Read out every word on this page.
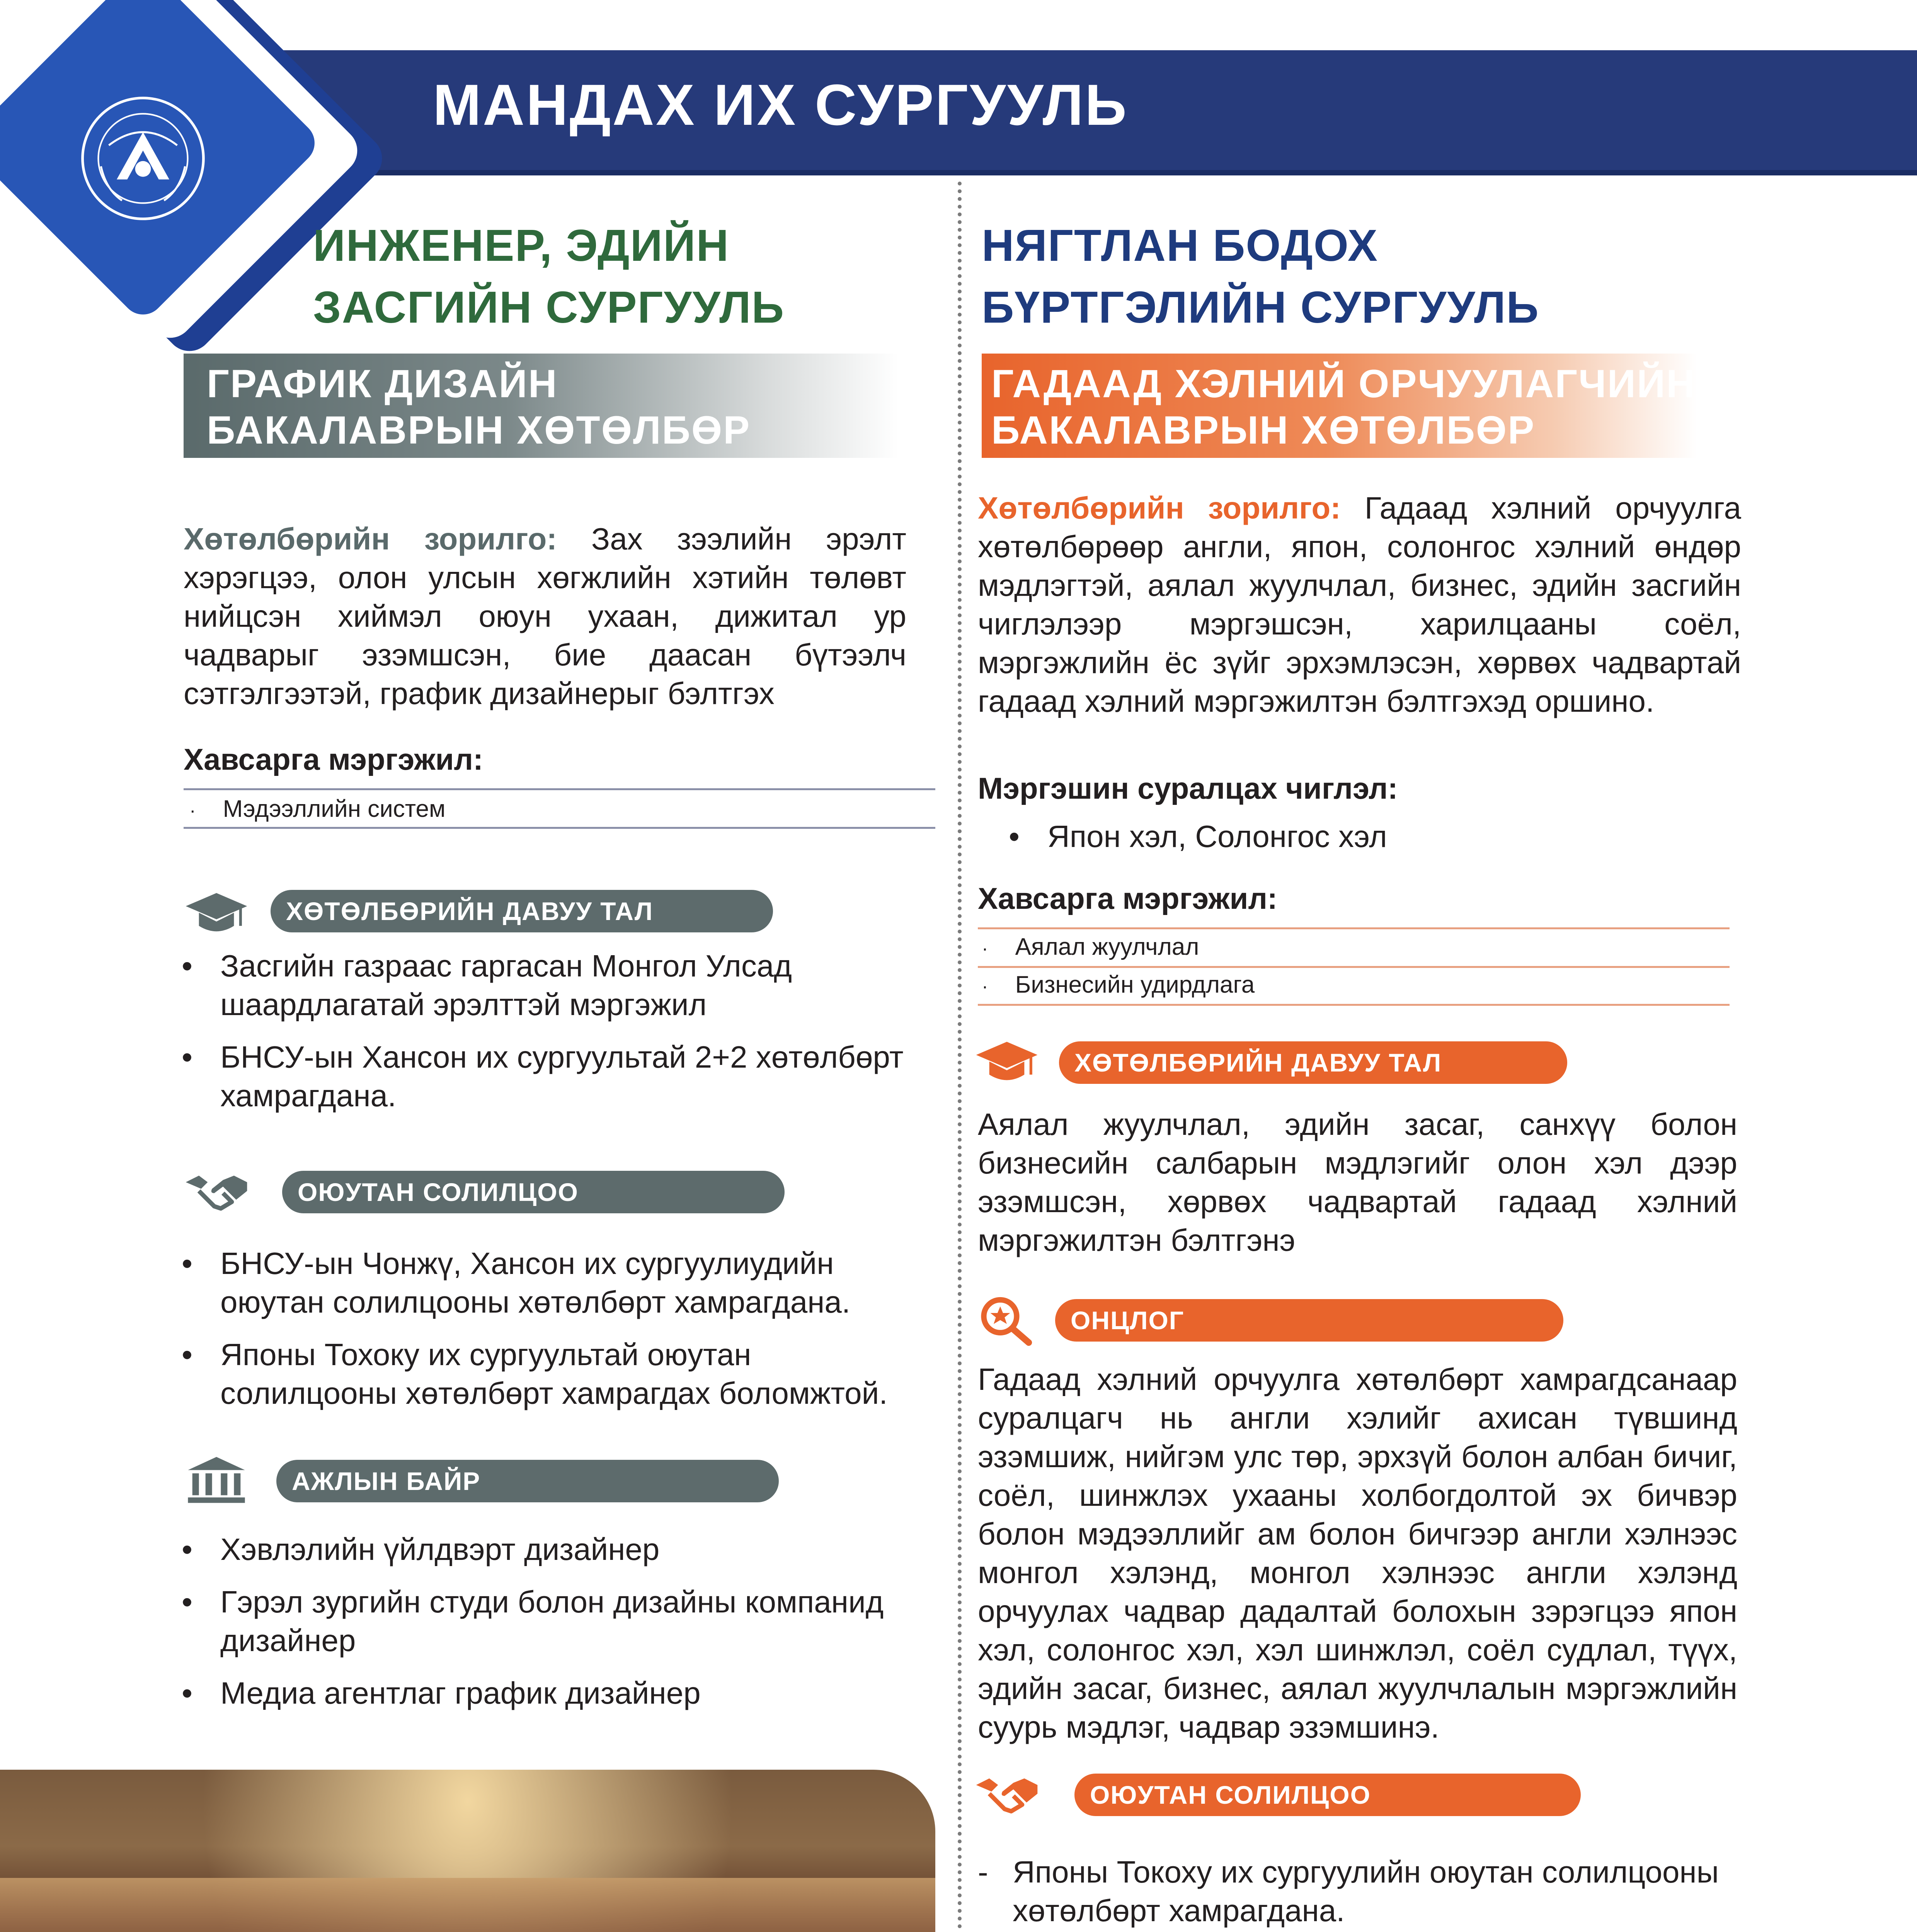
МАНДАХ ИХ СУРГУУЛЬ
ИНЖЕНЕР, ЭДИЙН
ЗАСГИЙН СУРГУУЛЬ
ГРАФИК ДИЗАЙН
БАКАЛАВРЫН ХӨТӨЛБӨР
Хөтөлбөрийн зорилго: Зах зээлийн эрэлт хэрэгцээ, олон улсын хөгжлийн хэтийн төлөвт нийцсэн хиймэл оюун ухаан, дижитал ур чадварыг эзэмшсэн, бие даасан бүтээлч сэтгэлгээтэй, график дизайнерыг бэлтгэх
Хавсарга мэргэжил:
· Мэдээллийн систем
ХӨТӨЛБӨРИЙН ДАВУУ ТАЛ
• Засгийн газраас гаргасан Монгол Улсад шаардлагатай эрэлттэй мэргэжил
• БНСУ-ын Хансон их сургуультай 2+2 хөтөлбөрт хамрагдана.
ОЮУТАН СОЛИЛЦОО
• БНСУ-ын Чонжү, Хансон их сургуулиудийн оюутан солилцооны хөтөлбөрт хамрагдана.
• Японы Тохоку их сургуультай оюутан солилцооны хөтөлбөрт хамрагдах боломжтой.
АЖЛЫН БАЙР
• Хэвлэлийн үйлдвэрт дизайнер
• Гэрэл зургийн студи болон дизайны компанид дизайнер
• Медиа агентлаг график дизайнер
НЯГТЛАН БОДОХ
БҮРТГЭЛИЙН СУРГУУЛЬ
ГАДААД ХЭЛНИЙ ОРЧУУЛАГЧИЙН
БАКАЛАВРЫН ХӨТӨЛБӨР
Хөтөлбөрийн зорилго: Гадаад хэлний орчуулга хөтөлбөрөөр англи, япон, солонгос хэлний өндөр мэдлэгтэй, аялал жуулчлал, бизнес, эдийн засгийн чиглэлээр мэргэшсэн, харилцааны соёл, мэргэжлийн ёс зүйг эрхэмлэсэн, хөрвөх чадвартай гадаад хэлний мэргэжилтэн бэлтгэхэд оршино.
Мэргэшин суралцах чиглэл:
• Япон хэл, Солонгос хэл
Хавсарга мэргэжил:
· Аялал жуулчлал
· Бизнесийн удирдлага
ХӨТӨЛБӨРИЙН ДАВУУ ТАЛ
Аялал жуулчлал, эдийн засаг, санхүү болон бизнесийн салбарын мэдлэгийг олон хэл дээр эзэмшсэн, хөрвөх чадвартай гадаад хэлний мэргэжилтэн бэлтгэнэ
ОНЦЛОГ
Гадаад хэлний орчуулга хөтөлбөрт хамрагдсанаар суралцагч нь англи хэлийг ахисан түвшинд эзэмшиж, нийгэм улс төр, эрхзүй болон албан бичиг, соёл, шинжлэх ухааны холбогдолтой эх бичвэр болон мэдээллийг ам болон бичгээр англи хэлнээс монгол хэлэнд, монгол хэлнээс англи хэлэнд орчуулах чадвар дадалтай болохын зэрэгцээ япон хэл, солонгос хэл, хэл шинжлэл, соёл судлал, түүх, эдийн засаг, бизнес, аялал жуулчлалын мэргэжлийн суурь мэдлэг, чадвар эзэмшинэ.
ОЮУТАН СОЛИЛЦОО
- Японы Токоху их сургуулийн оюутан солилцооны хөтөлбөрт хамрагдана.
